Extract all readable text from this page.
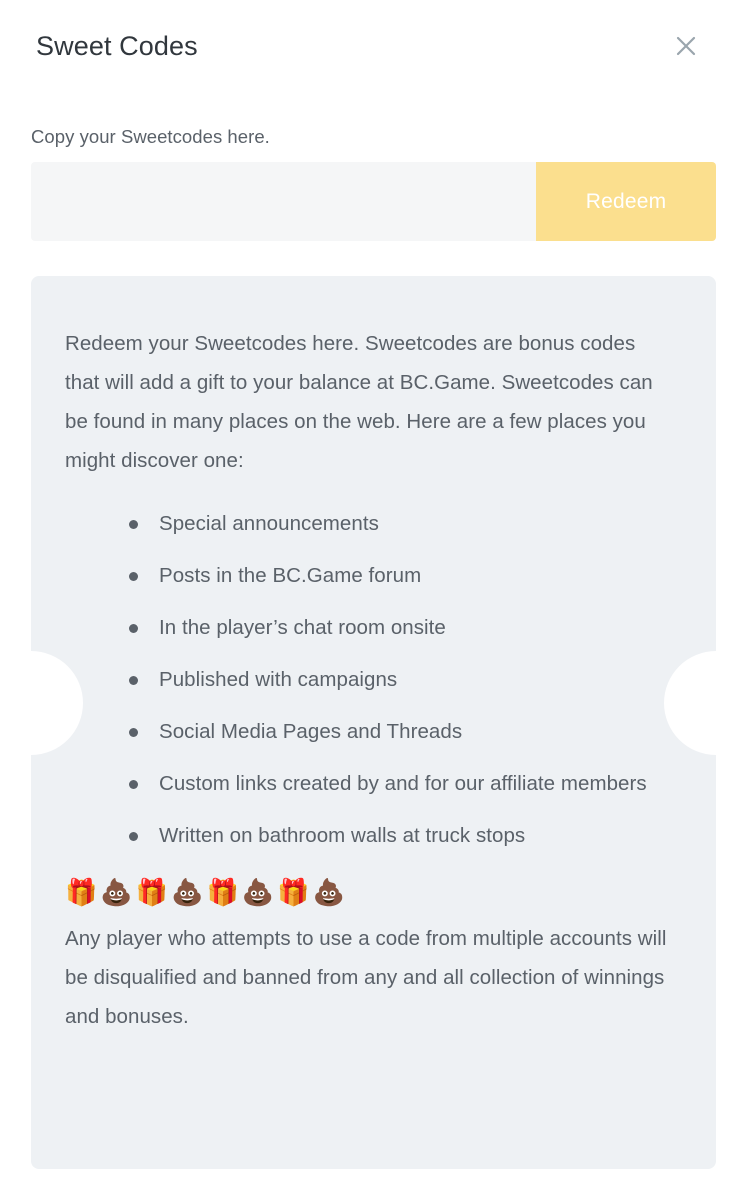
Sweet Codes
Copy your Sweetcodes here.
Redeem

Redeem your Sweetcodes here. Sweetcodes are bonus codes that will add a gift to your balance at BC.Game. Sweetcodes can be found in many places on the web. Here are a few places you might discover one:

Special announcements
Posts in the BC.Game forum
In the player’s chat room onsite
Published with campaigns
Social Media Pages and Threads
Custom links created by and for our affiliate members
Written on bathroom walls at truck stops
🎁💩🎁💩🎁💩🎁💩

Any player who attempts to use a code from multiple accounts will be disqualified and banned from any and all collection of winnings and bonuses.
